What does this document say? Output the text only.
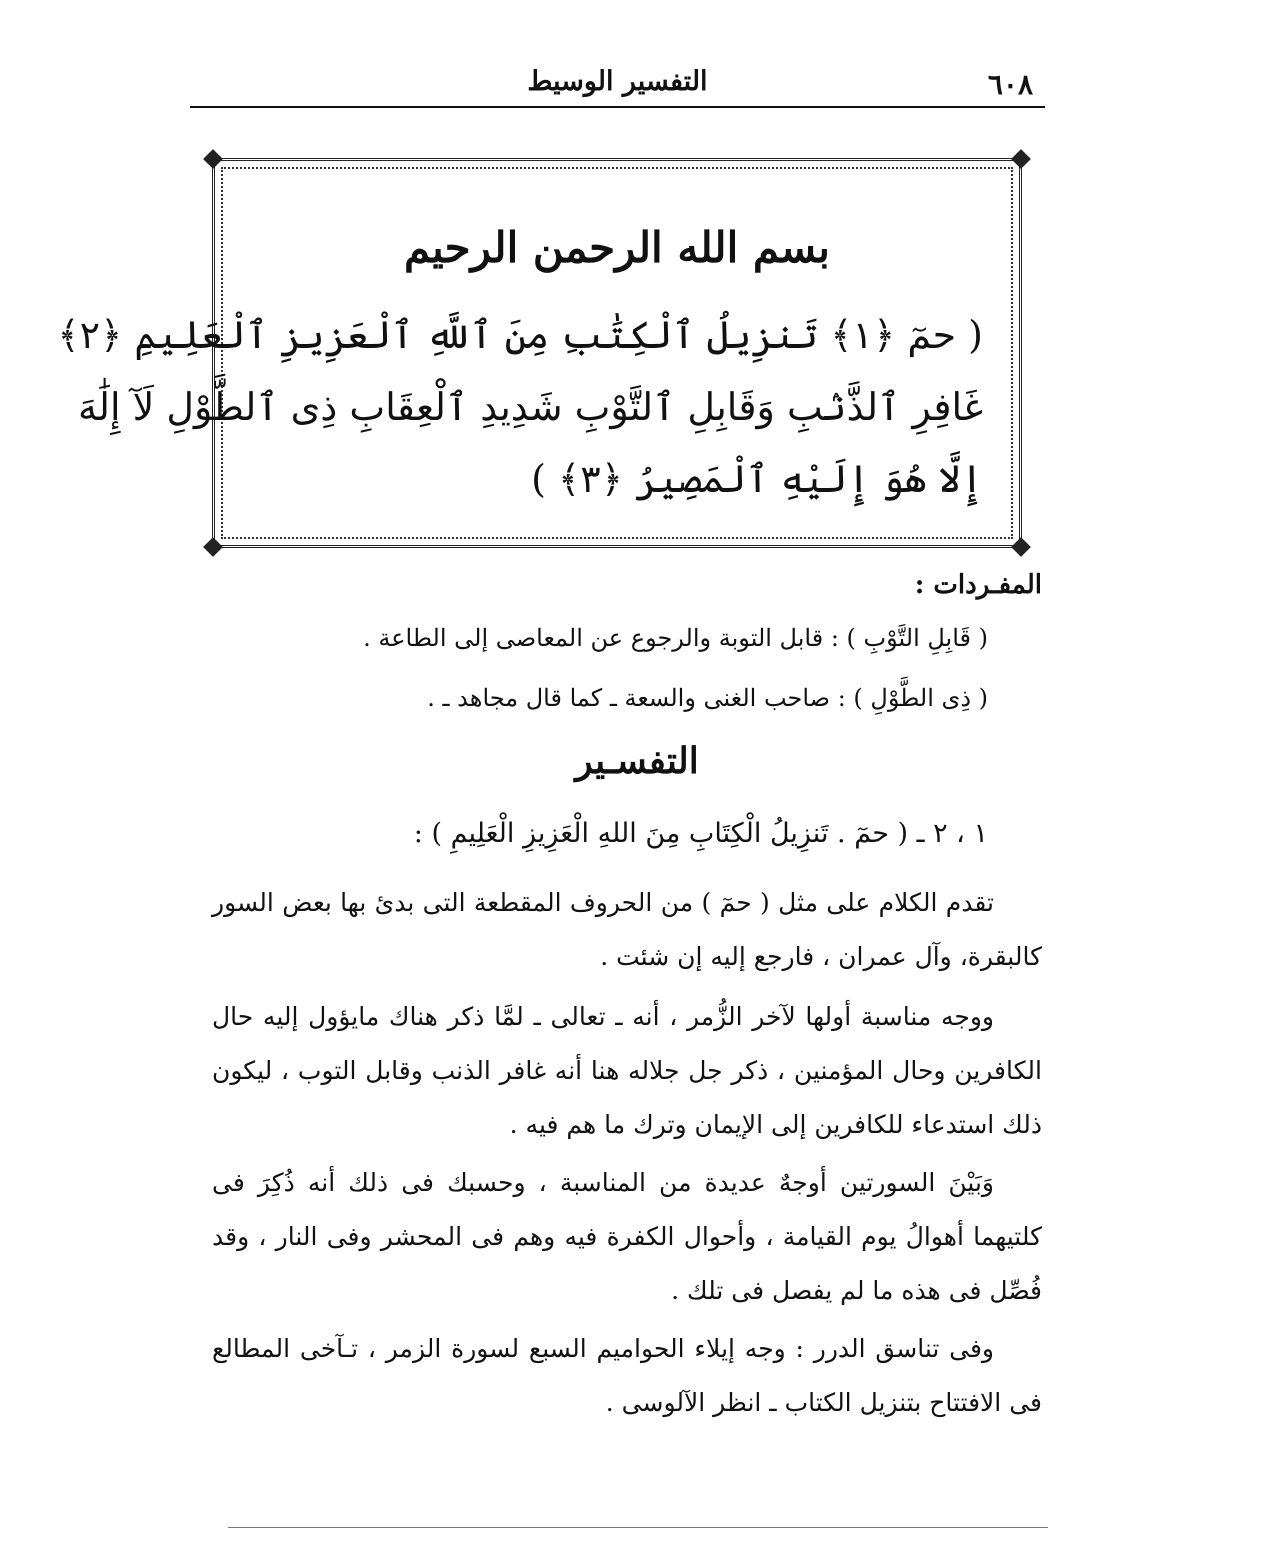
٦٠٨
التفسير الوسيط
بسم الله الرحمن الرحيم
( حمٓ ﴿١﴾ تَنزِيلُ ٱلْكِتَٰبِ مِنَ ٱللَّهِ ٱلْعَزِيزِ ٱلْعَلِيمِ ﴿٢﴾
غَافِرِ ٱلذَّنۢبِ وَقَابِلِ ٱلتَّوْبِ شَدِيدِ ٱلْعِقَابِ ذِى ٱلطَّوْلِ لَآ إِلَٰهَ
إِلَّا هُوَ إِلَيْهِ ٱلْمَصِيرُ ﴿٣﴾ )
المفـردات :
( قَابِلِ التَّوْبِ ) : قابل التوبة والرجوع عن المعاصى إلى الطاعة .
( ذِى الطَّوْلِ ) : صاحب الغنى والسعة ـ كما قال مجاهد ـ .
التفسـير
١ ، ٢ ـ ( حمٓ . تَنزِيلُ الْكِتَابِ مِنَ اللهِ الْعَزِيزِ الْعَلِيمِ ) :
تقدم الكلام على مثل ( حمٓ ) من الحروف المقطعة التى بدئ بها بعض السور كالبقرة، وآل عمران ، فارجع إليه إن شئت .
ووجه مناسبة أولها لآخر الزُّمر ، أنه ـ تعالى ـ لمَّا ذكر هناك مايؤول إليه حال الكافرين وحال المؤمنين ، ذكر جل جلاله هنا أنه غافر الذنب وقابل التوب ، ليكون ذلك استدعاء للكافرين إلى الإيمان وترك ما هم فيه .
وَبَيْنَ السورتين أوجهٌ عديدة من المناسبة ، وحسبك فى ذلك أنه ذُكِرَ فى كلتيهما أهوالُ يوم القيامة ، وأحوال الكفرة فيه وهم فى المحشر وفى النار ، وقد فُصِّل فى هذه ما لم يفصل فى تلك .
وفى تناسق الدرر : وجه إيلاء الحواميم السبع لسورة الزمر ، تـآخى المطالع فى الافتتاح بتنزيل الكتاب ـ انظر الآلوسى .
